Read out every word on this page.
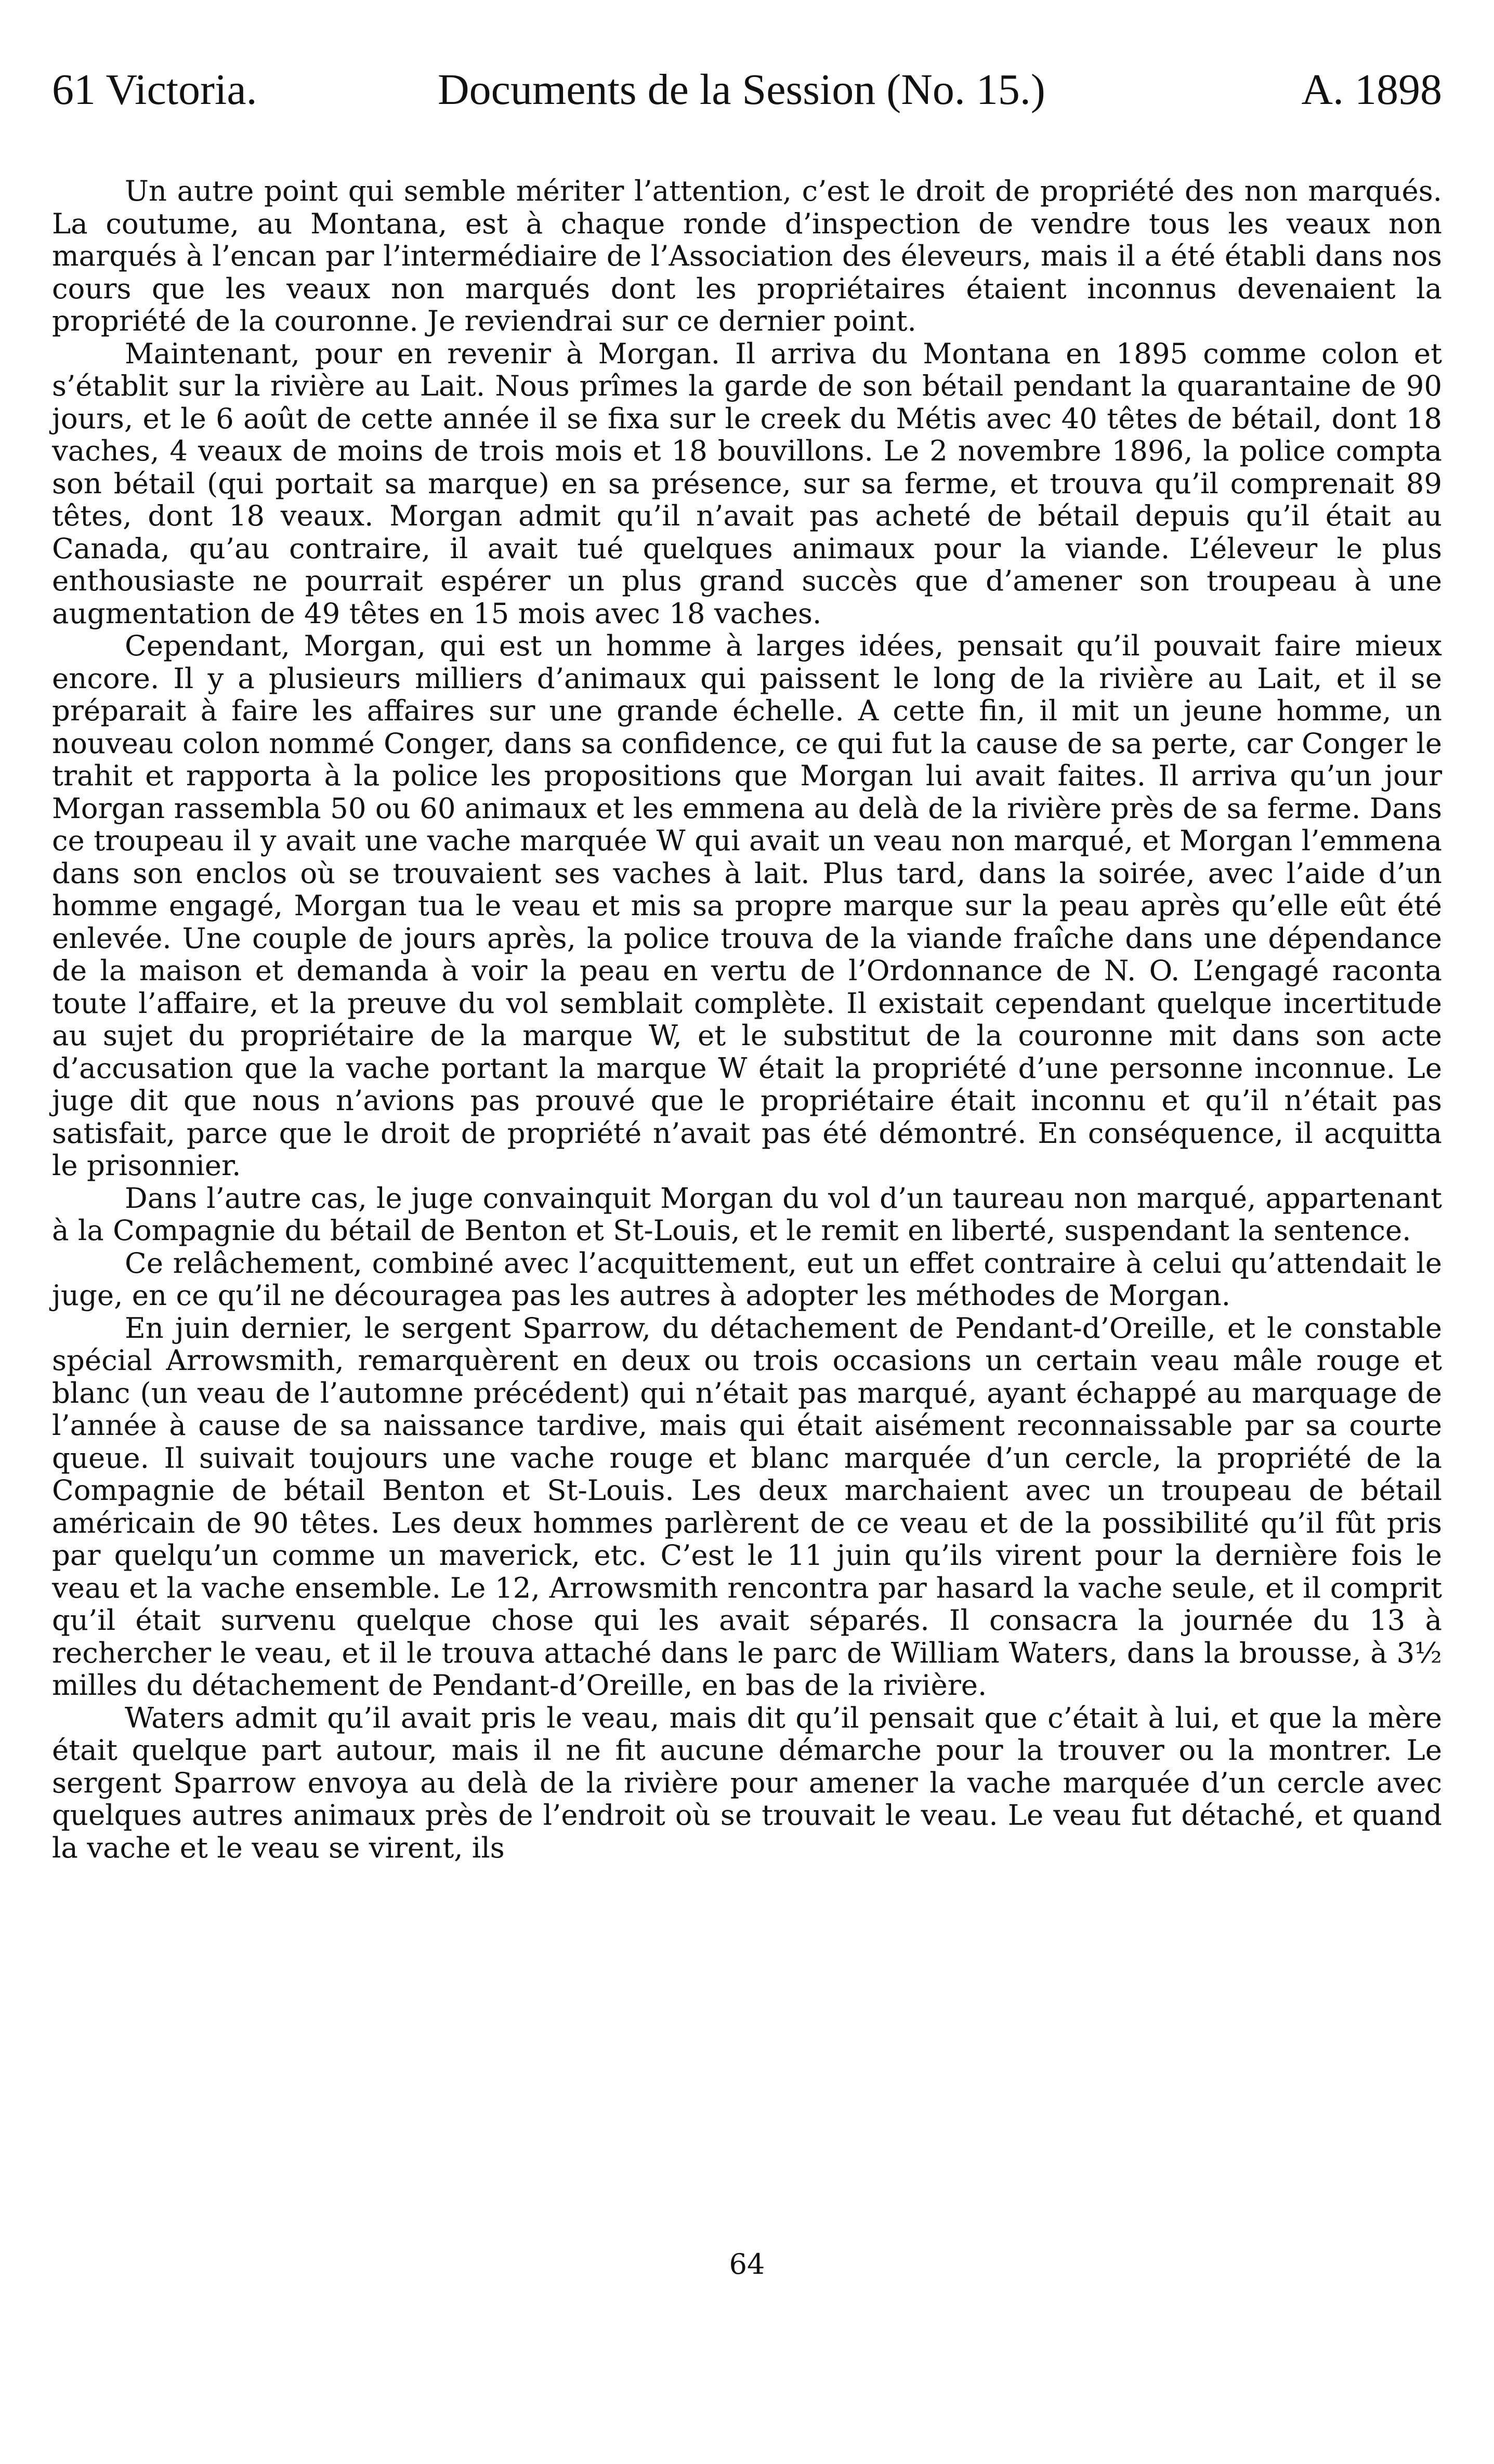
61 Victoria.	Documents de la Session (No. 15.)	A. 1898

Un autre point qui semble mériter l’attention, c’est le droit de propriété des non marqués. La coutume, au Montana, est à chaque ronde d’inspection de vendre tous les veaux non marqués à l’encan par l’intermédiaire de l’Association des éleveurs, mais il a été établi dans nos cours que les veaux non marqués dont les propriétaires étaient inconnus devenaient la propriété de la couronne. Je reviendrai sur ce dernier point.

Maintenant, pour en revenir à Morgan. Il arriva du Montana en 1895 comme colon et s’établit sur la rivière au Lait. Nous prîmes la garde de son bétail pendant la quarantaine de 90 jours, et le 6 août de cette année il se fixa sur le creek du Métis avec 40 têtes de bétail, dont 18 vaches, 4 veaux de moins de trois mois et 18 bouvillons. Le 2 novembre 1896, la police compta son bétail (qui portait sa marque) en sa présence, sur sa ferme, et trouva qu’il comprenait 89 têtes, dont 18 veaux. Morgan admit qu’il n’avait pas acheté de bétail depuis qu’il était au Canada, qu’au contraire, il avait tué quelques animaux pour la viande. L’éleveur le plus enthousiaste ne pourrait espérer un plus grand succès que d’amener son troupeau à une augmentation de 49 têtes en 15 mois avec 18 vaches.

Cependant, Morgan, qui est un homme à larges idées, pensait qu’il pouvait faire mieux encore. Il y a plusieurs milliers d’animaux qui paissent le long de la rivière au Lait, et il se préparait à faire les affaires sur une grande échelle. A cette fin, il mit un jeune homme, un nouveau colon nommé Conger, dans sa confidence, ce qui fut la cause de sa perte, car Conger le trahit et rapporta à la police les propositions que Morgan lui avait faites. Il arriva qu’un jour Morgan rassembla 50 ou 60 animaux et les emmena au delà de la rivière près de sa ferme. Dans ce troupeau il y avait une vache marquée W qui avait un veau non marqué, et Morgan l’emmena dans son enclos où se trouvaient ses vaches à lait. Plus tard, dans la soirée, avec l’aide d’un homme engagé, Morgan tua le veau et mis sa propre marque sur la peau après qu’elle eût été enlevée. Une couple de jours après, la police trouva de la viande fraîche dans une dépendance de la maison et demanda à voir la peau en vertu de l’Ordonnance de N. O. L’engagé raconta toute l’affaire, et la preuve du vol semblait complète. Il existait cependant quelque incertitude au sujet du propriétaire de la marque W, et le substitut de la couronne mit dans son acte d’accusation que la vache portant la marque W était la propriété d’une personne inconnue. Le juge dit que nous n’avions pas prouvé que le propriétaire était inconnu et qu’il n’était pas satisfait, parce que le droit de propriété n’avait pas été démontré. En conséquence, il acquitta le prisonnier.

Dans l’autre cas, le juge convainquit Morgan du vol d’un taureau non marqué, appartenant à la Compagnie du bétail de Benton et St-Louis, et le remit en liberté, suspendant la sentence.

Ce relâchement, combiné avec l’acquittement, eut un effet contraire à celui qu’attendait le juge, en ce qu’il ne découragea pas les autres à adopter les méthodes de Morgan.

En juin dernier, le sergent Sparrow, du détachement de Pendant-d’Oreille, et le constable spécial Arrowsmith, remarquèrent en deux ou trois occasions un certain veau mâle rouge et blanc (un veau de l’automne précédent) qui n’était pas marqué, ayant échappé au marquage de l’année à cause de sa naissance tardive, mais qui était aisément reconnaissable par sa courte queue. Il suivait toujours une vache rouge et blanc marquée d’un cercle, la propriété de la Compagnie de bétail Benton et St-Louis. Les deux marchaient avec un troupeau de bétail américain de 90 têtes. Les deux hommes parlèrent de ce veau et de la possibilité qu’il fût pris par quelqu’un comme un maverick, etc. C’est le 11 juin qu’ils virent pour la dernière fois le veau et la vache ensemble. Le 12, Arrowsmith rencontra par hasard la vache seule, et il comprit qu’il était survenu quelque chose qui les avait séparés. Il consacra la journée du 13 à rechercher le veau, et il le trouva attaché dans le parc de William Waters, dans la brousse, à 3½ milles du détachement de Pendant-d’Oreille, en bas de la rivière.

Waters admit qu’il avait pris le veau, mais dit qu’il pensait que c’était à lui, et que la mère était quelque part autour, mais il ne fit aucune démarche pour la trouver ou la montrer. Le sergent Sparrow envoya au delà de la rivière pour amener la vache marquée d’un cercle avec quelques autres animaux près de l’endroit où se trouvait le veau. Le veau fut détaché, et quand la vache et le veau se virent, ils

64
